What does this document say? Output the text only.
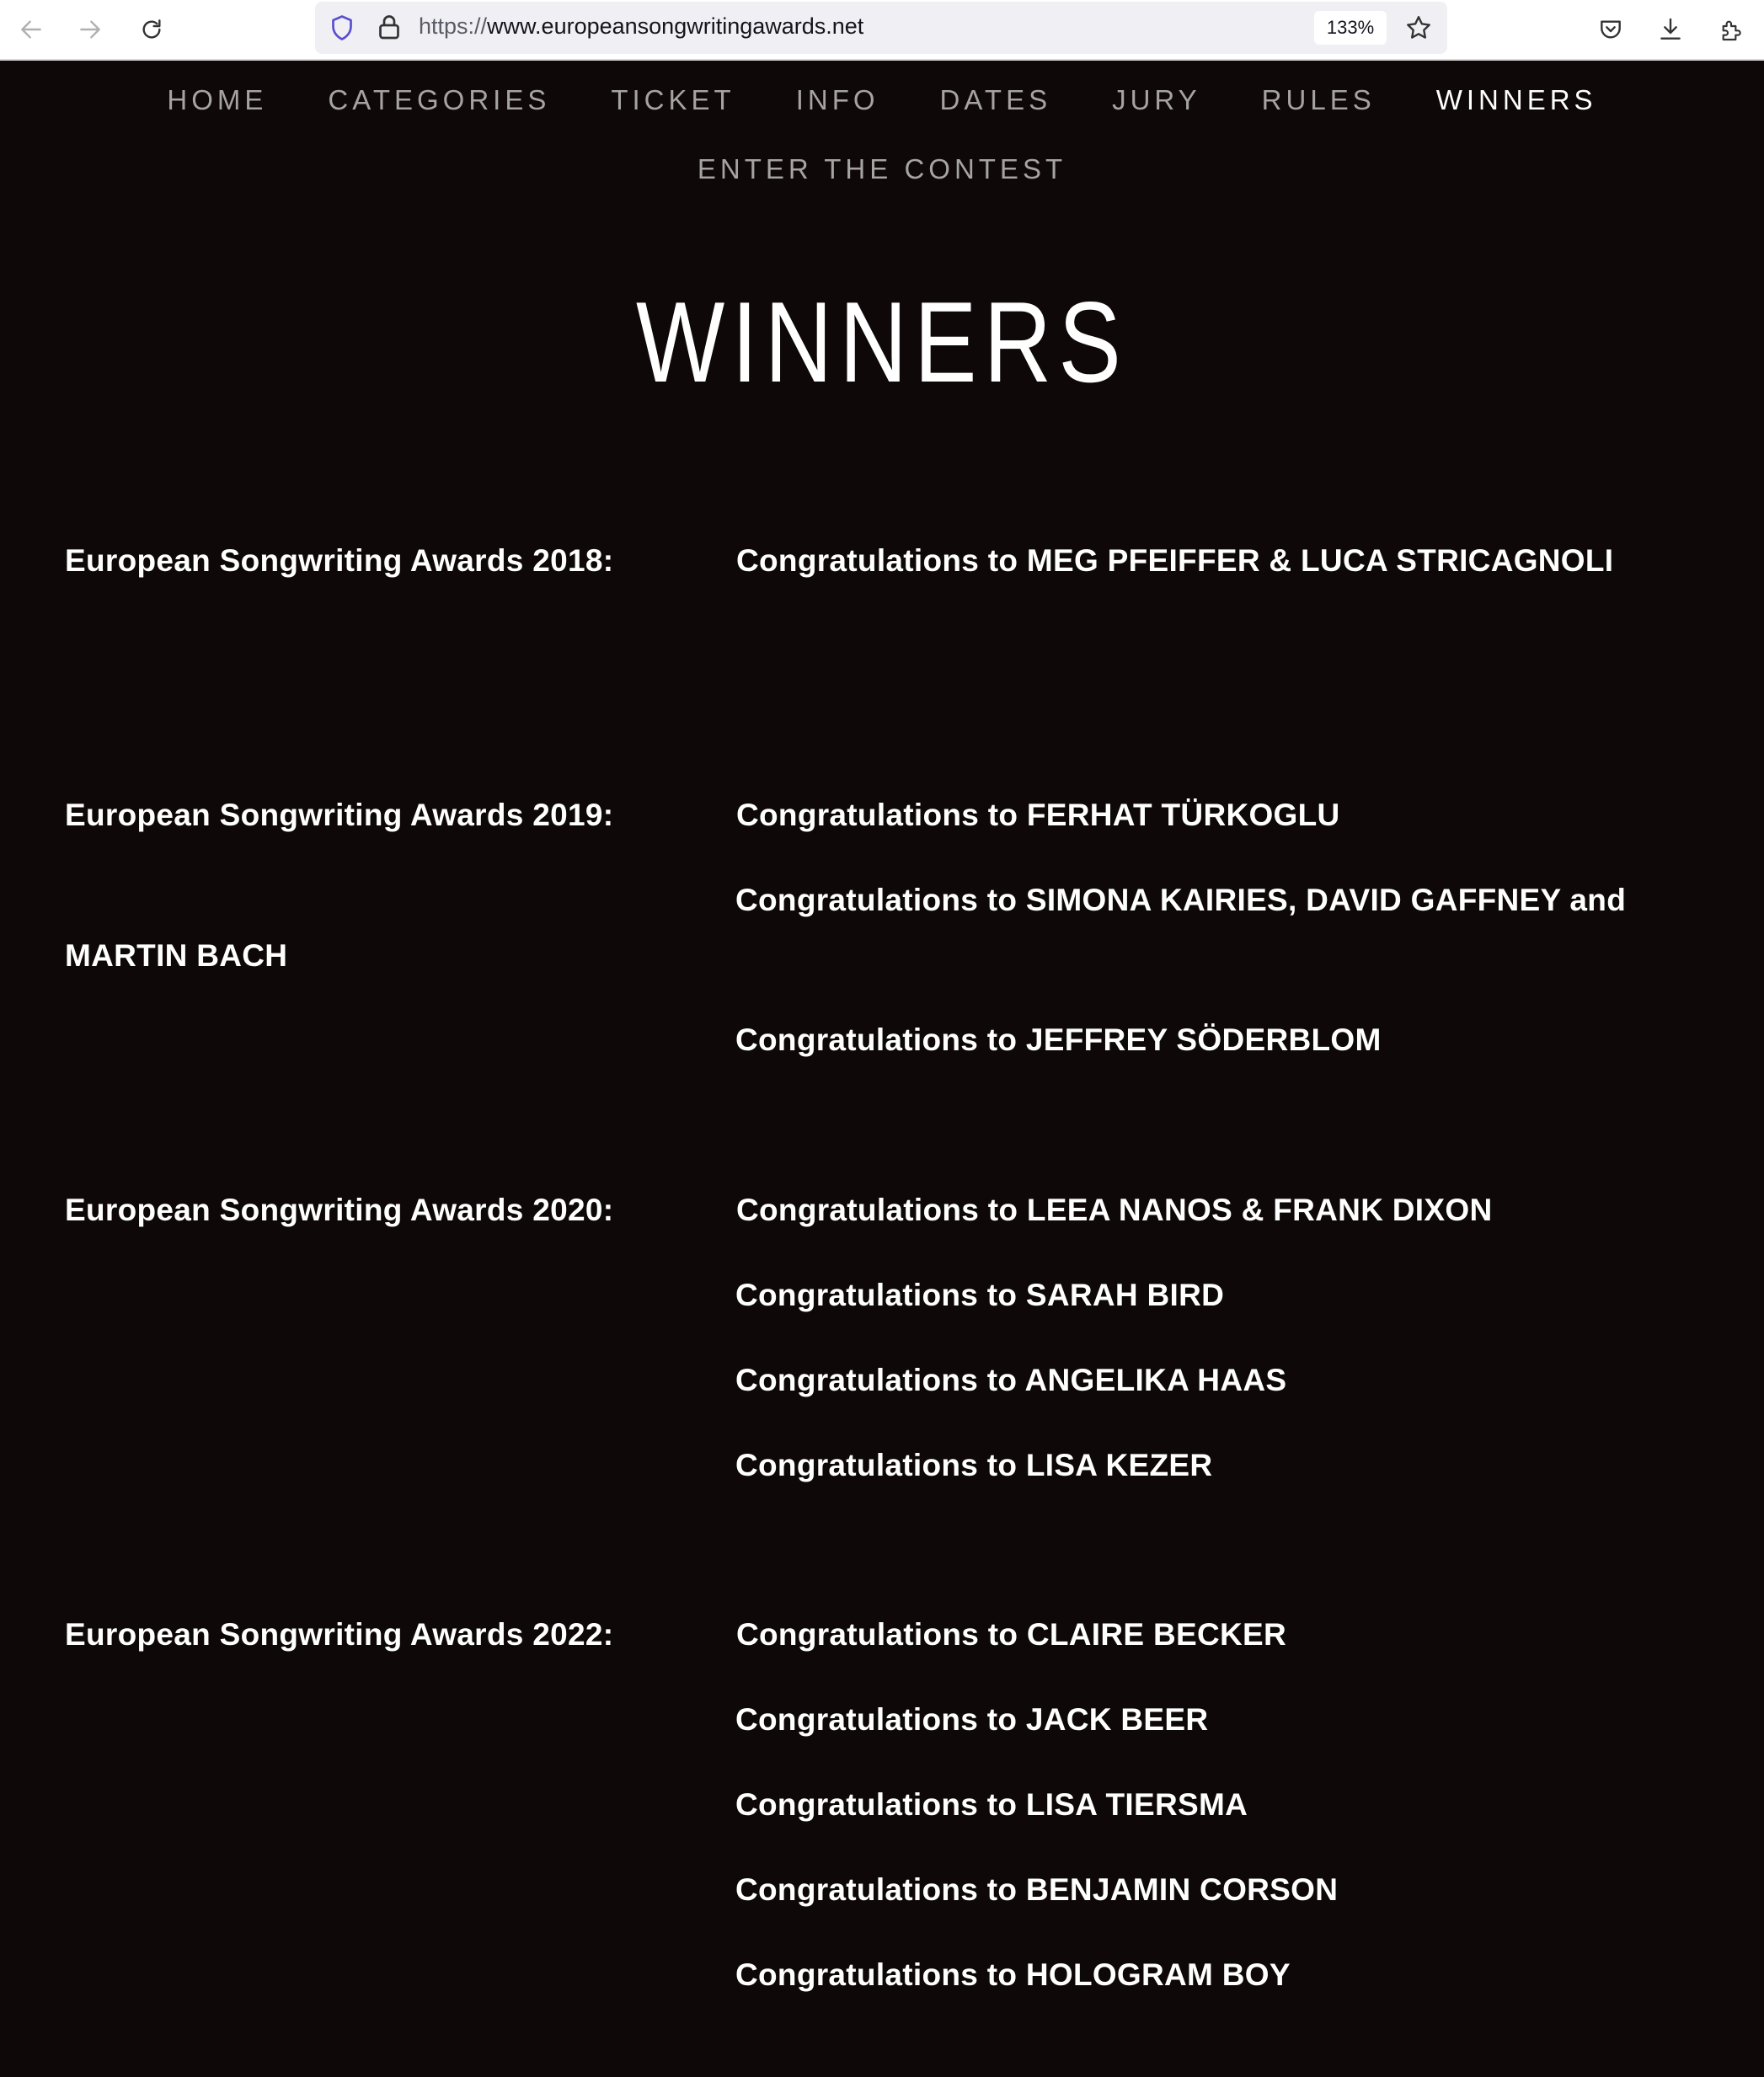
https://www.europeansongwritingawards.net	133%
HOME CATEGORIES TICKET INFO DATES JURY RULES WINNERS
ENTER THE CONTEST
WINNERS
European Songwriting Awards 2018:	Congratulations to MEG PFEIFFER & LUCA STRICAGNOLI
European Songwriting Awards 2019:	Congratulations to FERHAT TÜRKOGLU
Congratulations to SIMONA KAIRIES, DAVID GAFFNEY and
MARTIN BACH
Congratulations to JEFFREY SÖDERBLOM
European Songwriting Awards 2020:	Congratulations to LEEA NANOS & FRANK DIXON
Congratulations to SARAH BIRD
Congratulations to ANGELIKA HAAS
Congratulations to LISA KEZER
European Songwriting Awards 2022:	Congratulations to CLAIRE BECKER
Congratulations to JACK BEER
Congratulations to LISA TIERSMA
Congratulations to BENJAMIN CORSON
Congratulations to HOLOGRAM BOY
